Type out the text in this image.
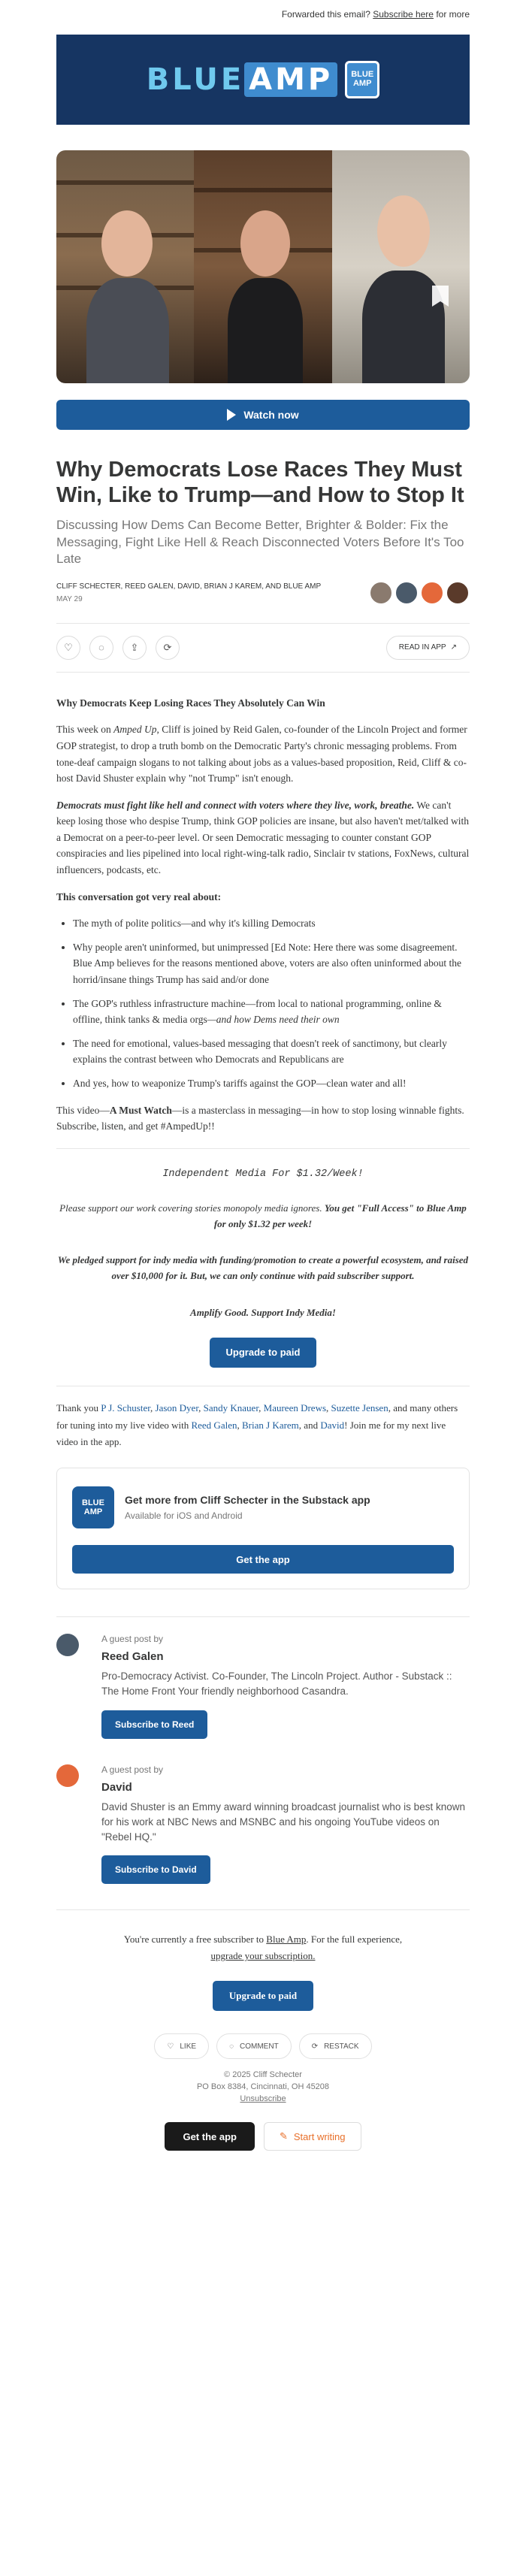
Forwarded this email? Subscribe here for more
BLUE AMP	BLUE
AMP
Watch now
Why Democrats Lose Races They Must Win, Like to Trump—and How to Stop It
Discussing How Dems Can Become Better, Brighter & Bolder: Fix the Messaging, Fight Like Hell & Reach Disconnected Voters Before It's Too Late
CLIFF SCHECTER, REED GALEN, DAVID, BRIAN J KAREM, AND BLUE AMP
MAY 29
♡	◌	⇪	⟳	READ IN APP ↗

Why Democrats Keep Losing Races They Absolutely Can Win

This week on Amped Up, Cliff is joined by Reid Galen, co-founder of the Lincoln Project and former GOP strategist, to drop a truth bomb on the Democratic Party's chronic messaging problems. From tone-deaf campaign slogans to not talking about jobs as a values-based proposition, Reid, Cliff & co-host David Shuster explain why "not Trump" isn't enough.

Democrats must fight like hell and connect with voters where they live, work, breathe. We can't keep losing those who despise Trump, think GOP policies are insane, but also haven't met/talked with a Democrat on a peer-to-peer level. Or seen Democratic messaging to counter constant GOP conspiracies and lies pipelined into local right-wing-talk radio, Sinclair tv stations, FoxNews, cultural influencers, podcasts, etc.

This conversation got very real about:

• The myth of polite politics—and why it's killing Democrats
• Why people aren't uninformed, but unimpressed [Ed Note: Here there was some disagreement. Blue Amp believes for the reasons mentioned above, voters are also often uninformed about the horrid/insane things Trump has said and/or done
• The GOP's ruthless infrastructure machine—from local to national programming, online & offline, think tanks & media orgs—and how Dems need their own
• The need for emotional, values-based messaging that doesn't reek of sanctimony, but clearly explains the contrast between who Democrats and Republicans are
• And yes, how to weaponize Trump's tariffs against the GOP—clean water and all!

This video—A Must Watch—is a masterclass in messaging—in how to stop losing winnable fights. Subscribe, listen, and get #AmpedUp!!

Independent Media For $1.32/Week!

Please support our work covering stories monopoly media ignores. You get "Full Access" to Blue Amp for only $1.32 per week!

We pledged support for indy media with funding/promotion to create a powerful ecosystem, and raised over $10,000 for it. But, we can only continue with paid subscriber support.

Amplify Good. Support Indy Media!

Upgrade to paid

Thank you P J. Schuster, Jason Dyer, Sandy Knauer, Maureen Drews, Suzette Jensen, and many others for tuning into my live video with Reed Galen, Brian J Karem, and David! Join me for my next live video in the app.

BLUE
AMP
Get more from Cliff Schecter in the Substack app
Available for iOS and Android
Get the app
A guest post by
Reed Galen
Pro-Democracy Activist. Co-Founder, The Lincoln Project. Author - Substack :: The Home Front Your friendly neighborhood Casandra.
Subscribe to Reed
A guest post by
David
David Shuster is an Emmy award winning broadcast journalist who is best known for his work at NBC News and MSNBC and his ongoing YouTube videos on "Rebel HQ."
Subscribe to David
You're currently a free subscriber to Blue Amp. For the full experience,
upgrade your subscription.
Upgrade to paid
♡ LIKE	◌ COMMENT	⟳ RESTACK
© 2025 Cliff Schecter
PO Box 8384, Cincinnati, OH 45208
Unsubscribe
Get the app	✎ Start writing
